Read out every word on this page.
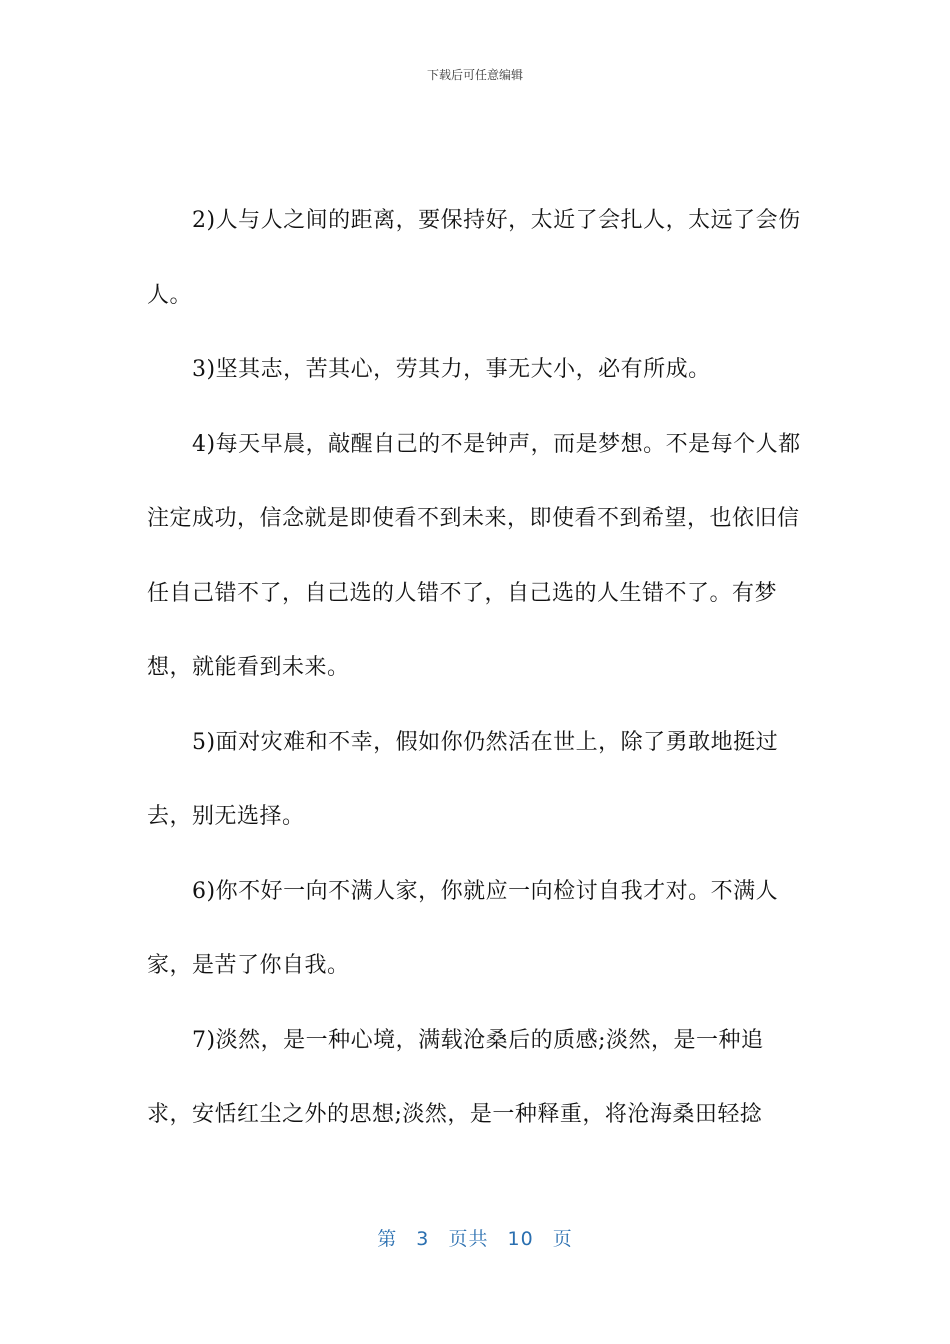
下载后可任意编辑

2)人与人之间的距离，要保持好，太近了会扎人，太远了会伤人。

3)坚其志，苦其心，劳其力，事无大小，必有所成。

4)每天早晨，敲醒自己的不是钟声，而是梦想。不是每个人都注定成功，信念就是即使看不到未来，即使看不到希望，也依旧信任自己错不了，自己选的人错不了，自己选的人生错不了。有梦想，就能看到未来。

5)面对灾难和不幸，假如你仍然活在世上，除了勇敢地挺过去，别无选择。

6)你不好一向不满人家，你就应一向检讨自我才对。不满人家，是苦了你自我。

7)淡然，是一种心境，满载沧桑后的质感;淡然，是一种追求，安恬红尘之外的思想;淡然，是一种释重，将沧海桑田轻捻

第 3 页共 10 页
